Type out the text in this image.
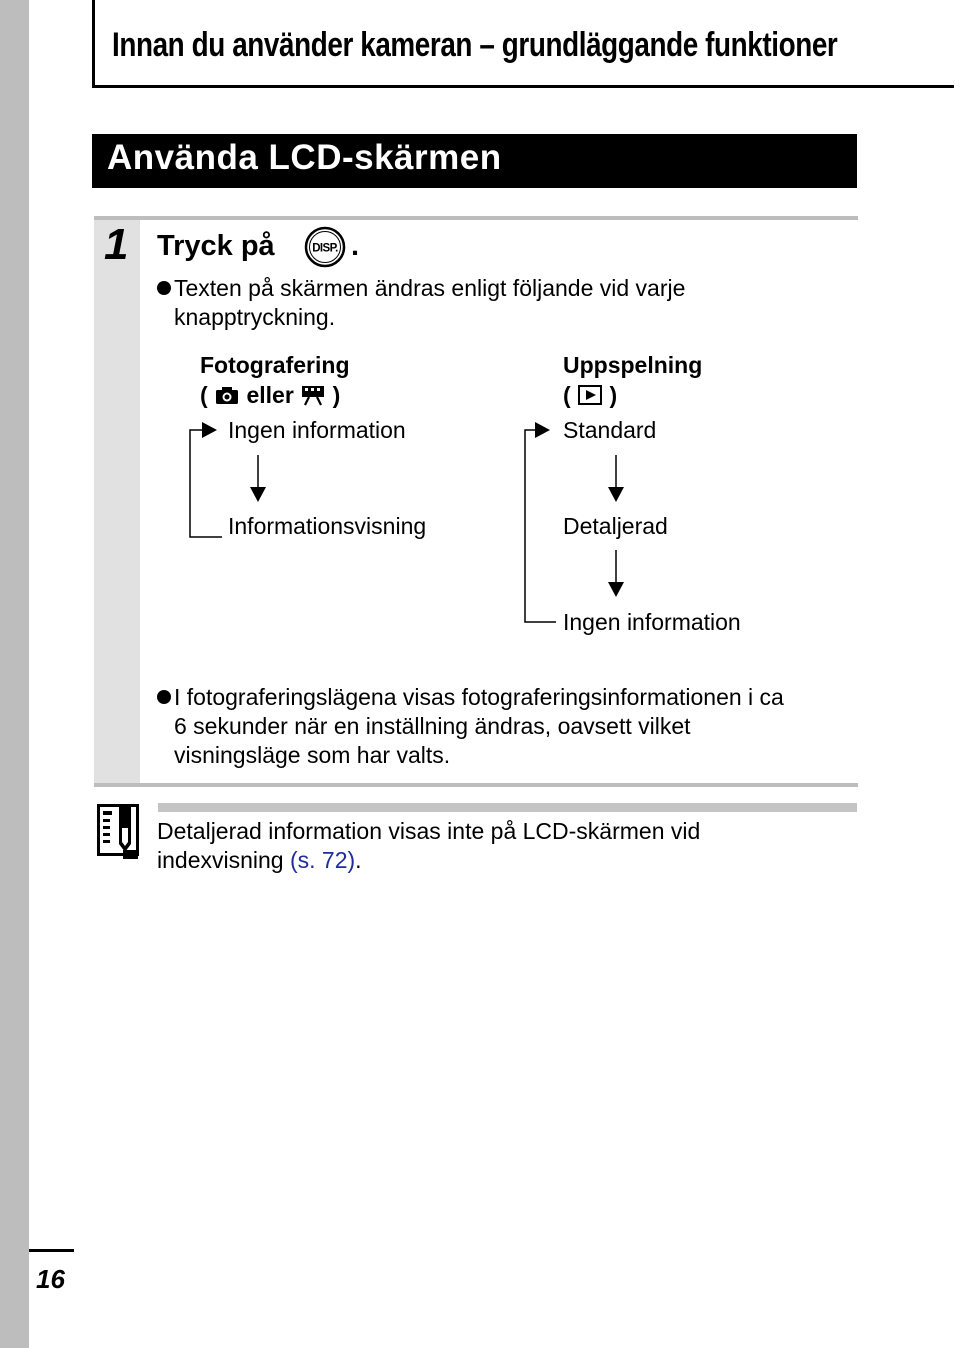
16
Innan du använder kameran – grundläggande funktioner
Använda LCD-skärmen
1 Tryck på	DISP. .
Texten på skärmen ändras enligt följande vid varje
knapptryckning.
Fotografering
( eller )
Ingen information
Informationsvisning
Uppspelning
( )
Standard
Detaljerad
Ingen information
I fotograferingslägena visas fotograferingsinformationen i ca
6 sekunder när en inställning ändras, oavsett vilket
visningsläge som har valts.
Detaljerad information visas inte på LCD-skärmen vid
indexvisning (s. 72).
